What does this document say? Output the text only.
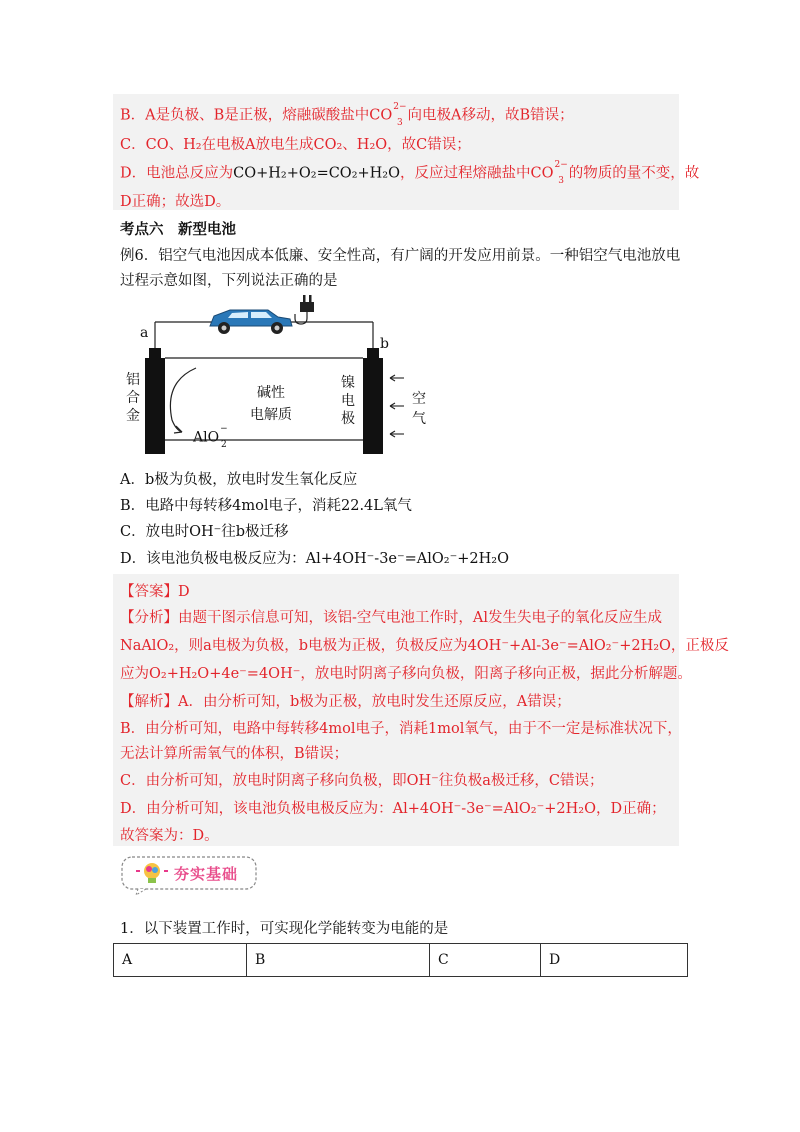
B．A是负极、B是正极，熔融碳酸盐中$CO^{2-}$
$_3$ 向电极A移动，故B错误；
C．CO、H₂在电极A放电生成CO₂、H₂O，故C错误；
D．电池总反应为CO+H₂+O₂=CO₂+H₂O，反应过程熔融盐中$CO^{2-}$
$_3$ 的物质的量不变，故
D正确；故选D。
考点六　新型电池
例6．铝空气电池因成本低廉、安全性高，有广阔的开发应用前景。一种铝空气电池放电
过程示意如图，下列说法正确的是
a
b
铝
合
金
碱性
电解质
镍
电
极
空
气
AlO−
$_2$
A．b极为负极，放电时发生氧化反应
B．电路中每转移4mol电子，消耗22.4L氧气
C．放电时OH⁻往b极迁移
D．该电池负极电极反应为：Al+4OH⁻-3e⁻=AlO₂⁻+2H₂O
【答案】D
【分析】由题干图示信息可知，该铝-空气电池工作时，Al发生失电子的氧化反应生成
NaAlO₂，则a电极为负极，b电极为正极，负极反应为4OH⁻+Al-3e⁻=AlO₂⁻+2H₂O，正极反
应为O₂+H₂O+4e⁻=4OH⁻，放电时阴离子移向负极，阳离子移向正极，据此分析解题。
【解析】A．由分析可知，b极为正极，放电时发生还原反应，A错误；
B．由分析可知，电路中每转移4mol电子，消耗1mol氧气，由于不一定是标准状况下，
无法计算所需氧气的体积，B错误；
C．由分析可知，放电时阴离子移向负极，即OH⁻往负极a极迁移，C错误；
D．由分析可知，该电池负极电极反应为：Al+4OH⁻-3e⁻=AlO₂⁻+2H₂O，D正确；
故答案为：D。
夯实基础
1．以下装置工作时，可实现化学能转变为电能的是
A	B	C	D
